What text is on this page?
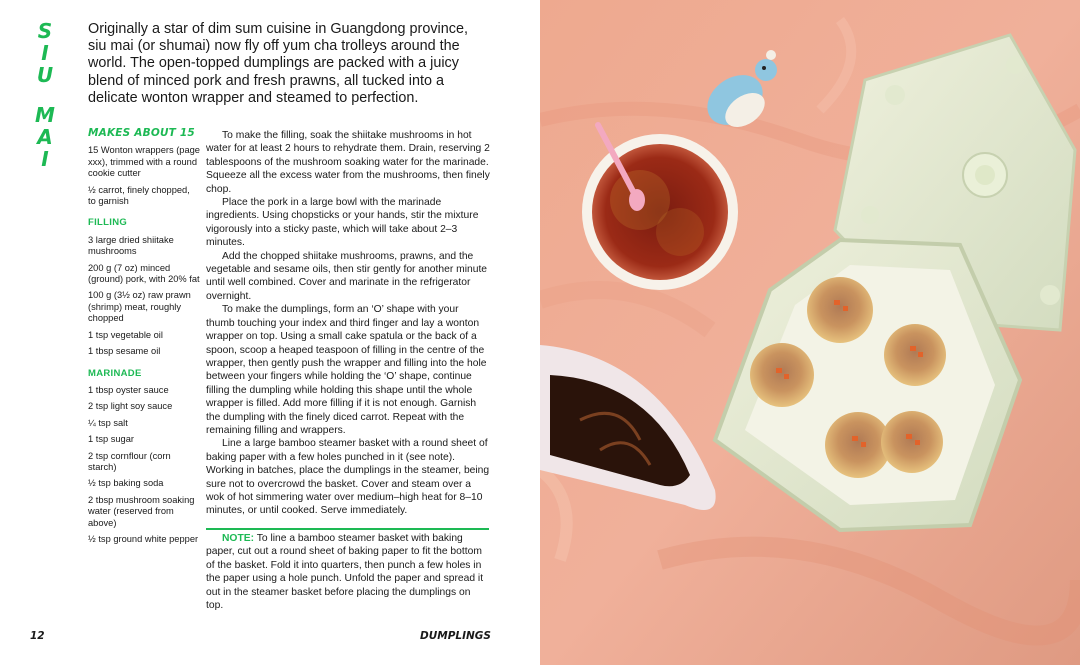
S
I
U
M
A
I

Originally a star of dim sum cuisine in Guangdong province, siu mai (or shumai) now fly off yum cha trolleys around the world. The open-topped dumplings are packed with a juicy blend of minced pork and fresh prawns, all tucked into a delicate wonton wrapper and steamed to perfection.

MAKES ABOUT 15
15 Wonton wrappers (page xxx), trimmed with a round cookie cutter
½ carrot, finely chopped, to garnish
FILLING
3 large dried shiitake mushrooms
200 g (7 oz) minced (ground) pork, with 20% fat
100 g (3½ oz) raw prawn (shrimp) meat, roughly chopped
1 tsp vegetable oil
1 tbsp sesame oil
MARINADE
1 tbsp oyster sauce
2 tsp light soy sauce
¼ tsp salt
1 tsp sugar
2 tsp cornflour (corn starch)
½ tsp baking soda
2 tbsp mushroom soaking water (reserved from above)
½ tsp ground white pepper

To make the filling, soak the shiitake mushrooms in hot water for at least 2 hours to rehydrate them. Drain, reserving 2 tablespoons of the mushroom soaking water for the marinade. Squeeze all the excess water from the mushrooms, then finely chop.

Place the pork in a large bowl with the marinade ingredients. Using chopsticks or your hands, stir the mixture vigorously into a sticky paste, which will take about 2–3 minutes.

Add the chopped shiitake mushrooms, prawns, and the vegetable and sesame oils, then stir gently for another minute until well combined. Cover and marinate in the refrigerator overnight.

To make the dumplings, form an ‘O’ shape with your thumb touching your index and third finger and lay a wonton wrapper on top. Using a small cake spatula or the back of a spoon, scoop a heaped teaspoon of filling in the centre of the wrapper, then gently push the wrapper and filling into the hole between your fingers while holding the ‘O’ shape, continue filling the dumpling while holding this shape until the whole wrapper is filled. Add more filling if it is not enough. Garnish the dumpling with the finely diced carrot. Repeat with the remaining filling and wrappers.

Line a large bamboo steamer basket with a round sheet of baking paper with a few holes punched in it (see note). Working in batches, place the dumplings in the steamer, being sure not to overcrowd the basket. Cover and steam over a wok of hot simmering water over medium–high heat for 8–10 minutes, or until cooked. Serve immediately.

NOTE: To line a bamboo steamer basket with baking paper, cut out a round sheet of baking paper to fit the bottom of the basket. Fold it into quarters, then punch a few holes in the paper using a hole punch. Unfold the paper and spread it out in the steamer basket before placing the dumplings on top.

12	DUMPLINGS
